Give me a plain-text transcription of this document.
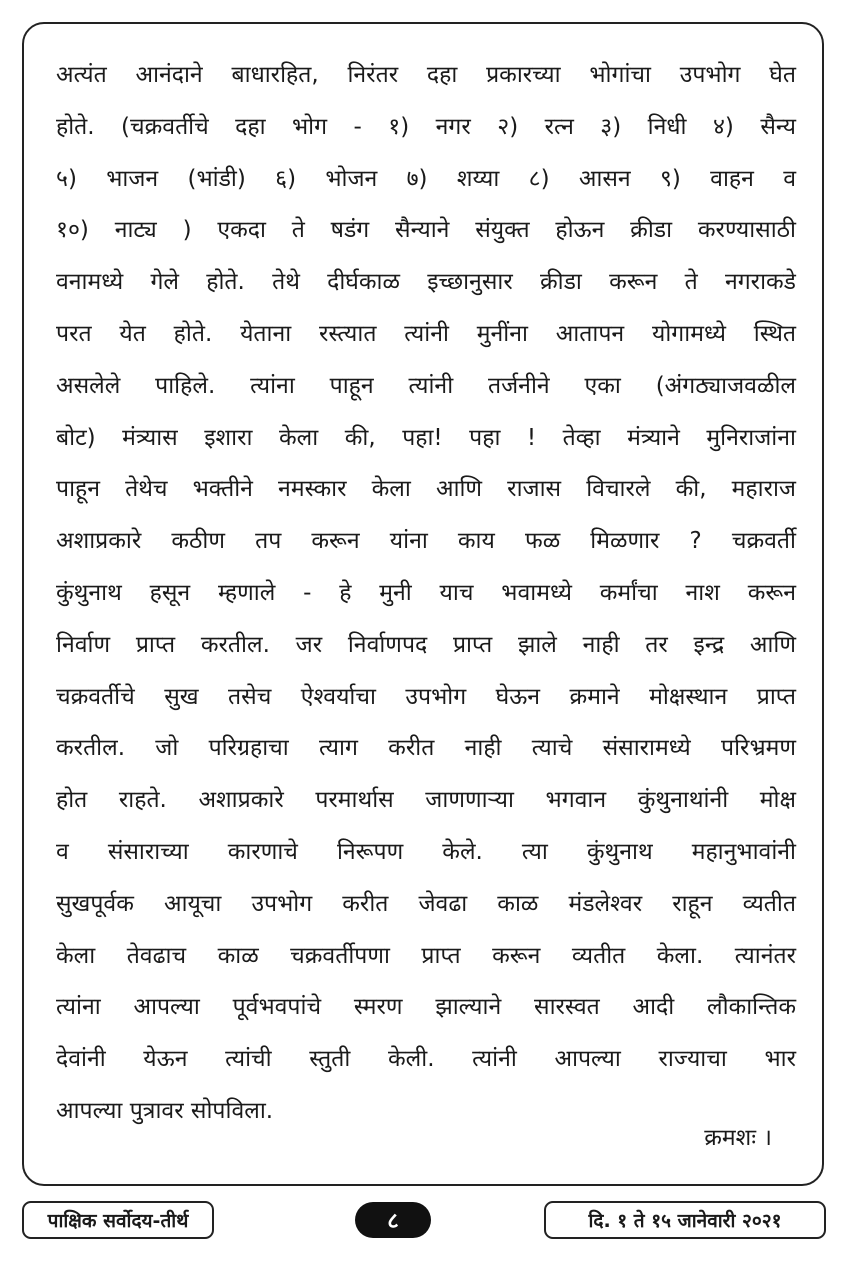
अत्यंत आनंदाने बाधारहित, निरंतर दहा प्रकारच्या भोगांचा उपभोग घेत
होते. (चक्रवर्तीचे दहा भोग - १) नगर २) रत्न ३) निधी ४) सैन्य
५) भाजन (भांडी) ६) भोजन ७) शय्या ८) आसन ९) वाहन व
१०) नाट्य ) एकदा ते षडंग सैन्याने संयुक्त होऊन क्रीडा करण्यासाठी
वनामध्ये गेले होते. तेथे दीर्घकाळ इच्छानुसार क्रीडा करून ते नगराकडे
परत येत होते. येताना रस्त्यात त्यांनी मुनींना आतापन योगामध्ये स्थित
असलेले पाहिले. त्यांना पाहून त्यांनी तर्जनीने एका (अंगठ्याजवळील
बोट) मंत्र्यास इशारा केला की, पहा! पहा ! तेव्हा मंत्र्याने मुनिराजांना
पाहून तेथेच भक्तीने नमस्कार केला आणि राजास विचारले की, महाराज
अशाप्रकारे कठीण तप करून यांना काय फळ मिळणार ? चक्रवर्ती
कुंथुनाथ हसून म्हणाले - हे मुनी याच भवामध्ये कर्मांचा नाश करून
निर्वाण प्राप्त करतील. जर निर्वाणपद प्राप्त झाले नाही तर इन्द्र आणि
चक्रवर्तीचे सुख तसेच ऐश्वर्याचा उपभोग घेऊन क्रमाने मोक्षस्थान प्राप्त
करतील. जो परिग्रहाचा त्याग करीत नाही त्याचे संसारामध्ये परिभ्रमण
होत राहते. अशाप्रकारे परमार्थास जाणणाऱ्या भगवान कुंथुनाथांनी मोक्ष
व संसाराच्या कारणाचे निरूपण केले. त्या कुंथुनाथ महानुभावांनी
सुखपूर्वक आयूचा उपभोग करीत जेवढा काळ मंडलेश्वर राहून व्यतीत
केला तेवढाच काळ चक्रवर्तीपणा प्राप्त करून व्यतीत केला. त्यानंतर
त्यांना आपल्या पूर्वभवपांचे स्मरण झाल्याने सारस्वत आदी लौकान्तिक
देवांनी येऊन त्यांची स्तुती केली. त्यांनी आपल्या राज्याचा भार
आपल्या पुत्रावर सोपविला.
क्रमशः ।
पाक्षिक सर्वोदय-तीर्थ	८	दि. १ ते १५ जानेवारी २०२१
